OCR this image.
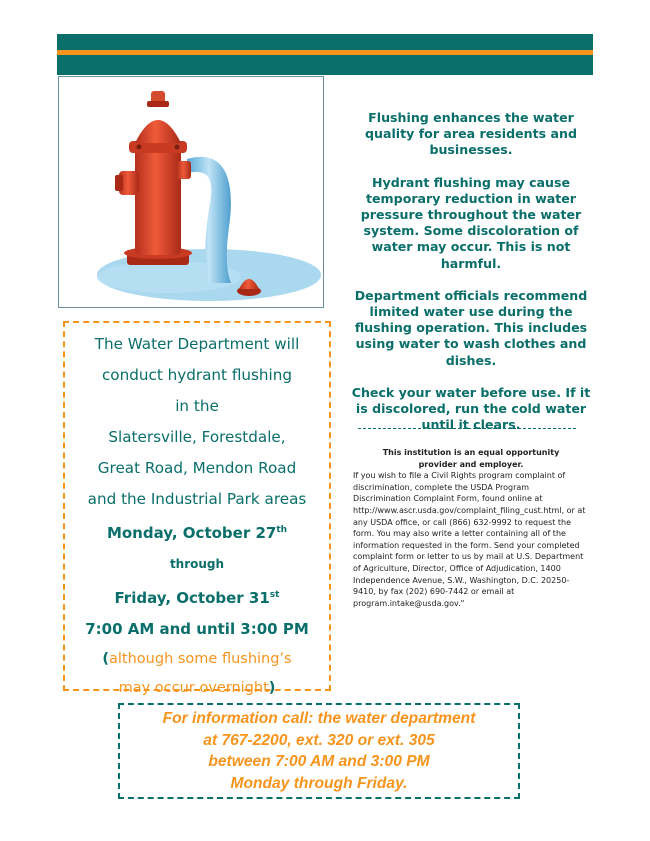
Flushing enhances the water quality for area residents and businesses.

Hydrant flushing may cause temporary reduction in water pressure throughout the water system. Some discoloration of water may occur. This is not harmful.

Department officials recommend limited water use during the flushing operation. This includes using water to wash clothes and dishes.

Check your water before use. If it is discolored, run the cold water until it clears.

This institution is an equal opportunity
provider and employer.
If you wish to file a Civil Rights program complaint of discrimination, complete the USDA Program Discrimination Complaint Form, found online at http://www.ascr.usda.gov/complaint_filing_cust.html, or at any USDA office, or call (866) 632-9992 to request the form. You may also write a letter containing all of the information requested in the form. Send your completed complaint form or letter to us by mail at U.S. Department of Agriculture, Director, Office of Adjudication, 1400 Independence Avenue, S.W., Washington, D.C. 20250-9410, by fax (202) 690-7442 or email at program.intake@usda.gov."
The Water Department will
conduct hydrant flushing
in the
Slatersville, Forestdale,
Great Road, Mendon Road
and the Industrial Park areas
Monday, October 27th
through
Friday, October 31st
7:00 AM and until 3:00 PM
(although some flushing’s
may occur overnight)
For information call: the water department
at 767-2200, ext. 320 or ext. 305
between 7:00 AM and 3:00 PM
Monday through Friday.
